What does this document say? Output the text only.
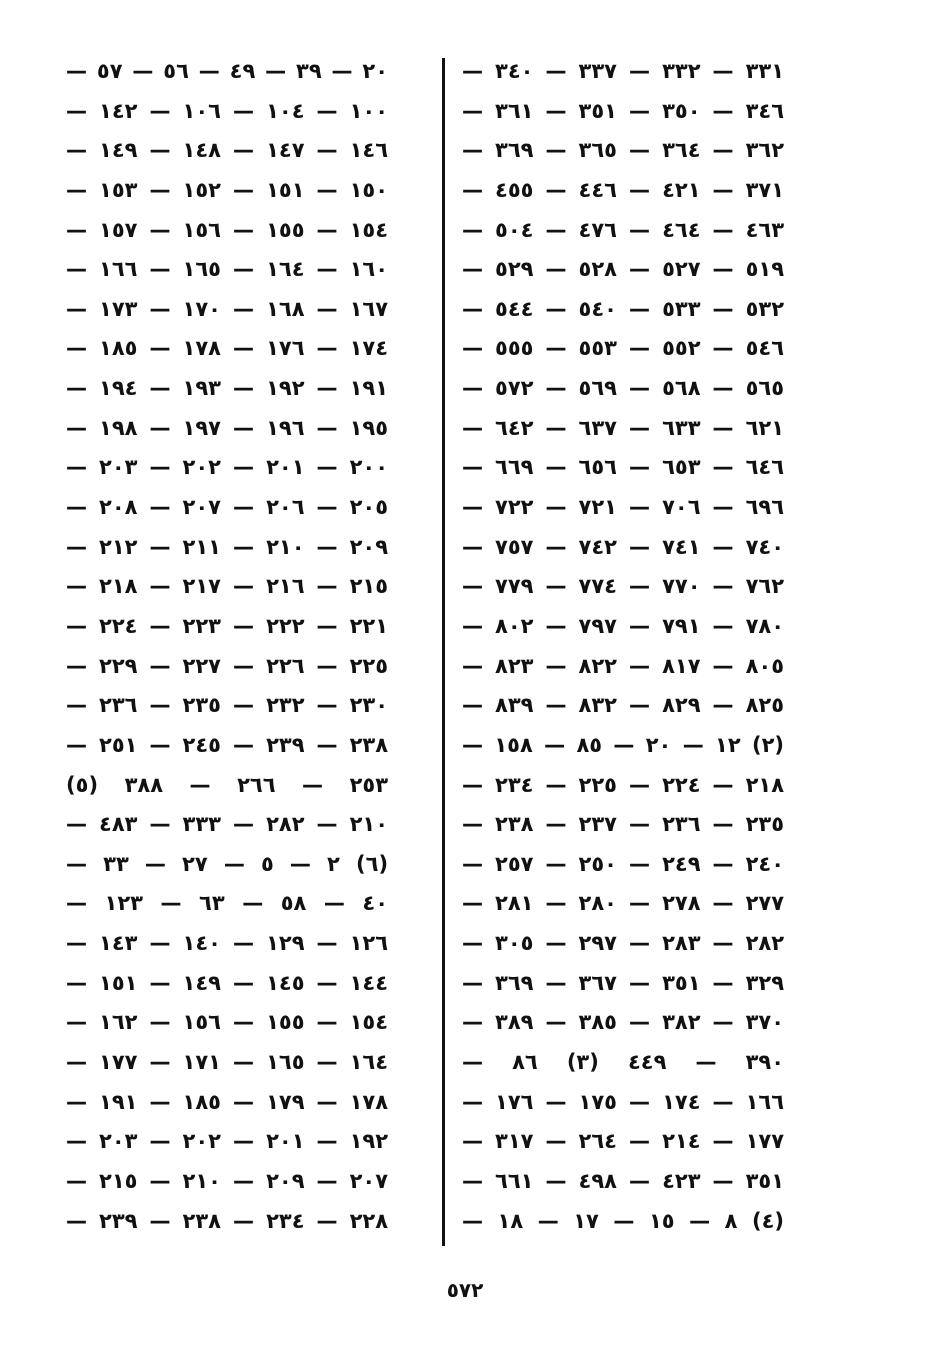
٣٣١ — ٣٣٢ — ٣٣٧ — ٣٤٠ —
٣٤٦ — ٣٥٠ — ٣٥١ — ٣٦١ —
٣٦٢ — ٣٦٤ — ٣٦٥ — ٣٦٩ —
٣٧١ — ٤٢١ — ٤٤٦ — ٤٥٥ —
٤٦٣ — ٤٦٤ — ٤٧٦ — ٥٠٤ —
٥١٩ — ٥٢٧ — ٥٢٨ — ٥٢٩ —
٥٣٢ — ٥٣٣ — ٥٤٠ — ٥٤٤ —
٥٤٦ — ٥٥٢ — ٥٥٣ — ٥٥٥ —
٥٦٥ — ٥٦٨ — ٥٦٩ — ٥٧٢ —
٦٢١ — ٦٣٣ — ٦٣٧ — ٦٤٢ —
٦٤٦ — ٦٥٣ — ٦٥٦ — ٦٦٩ —
٦٩٦ — ٧٠٦ — ٧٢١ — ٧٢٢ —
٧٤٠ — ٧٤١ — ٧٤٢ — ٧٥٧ —
٧٦٢ — ٧٧٠ — ٧٧٤ — ٧٧٩ —
٧٨٠ — ٧٩١ — ٧٩٧ — ٨٠٢ —
٨٠٥ — ٨١٧ — ٨٢٢ — ٨٢٣ —
٨٢٥ — ٨٢٩ — ٨٣٢ — ٨٣٩ —
(٢) ١٢ — ٢٠ — ٨٥ — ١٥٨ —
٢١٨ — ٢٢٤ — ٢٢٥ — ٢٣٤ —
٢٣٥ — ٢٣٦ — ٢٣٧ — ٢٣٨ —
٢٤٠ — ٢٤٩ — ٢٥٠ — ٢٥٧ —
٢٧٧ — ٢٧٨ — ٢٨٠ — ٢٨١ —
٢٨٢ — ٢٨٣ — ٢٩٧ — ٣٠٥ —
٣٢٩ — ٣٥١ — ٣٦٧ — ٣٦٩ —
٣٧٠ — ٣٨٢ — ٣٨٥ — ٣٨٩ —
٣٩٠ — ٤٤٩ (٣) ٨٦ —
١٦٦ — ١٧٤ — ١٧٥ — ١٧٦ —
١٧٧ — ٢١٤ — ٢٦٤ — ٣١٧ —
٣٥١ — ٤٢٣ — ٤٩٨ — ٦٦١ —
(٤) ٨ — ١٥ — ١٧ — ١٨ —
٢٠ — ٣٩ — ٤٩ — ٥٦ — ٥٧ —
١٠٠ — ١٠٤ — ١٠٦ — ١٤٢ —
١٤٦ — ١٤٧ — ١٤٨ — ١٤٩ —
١٥٠ — ١٥١ — ١٥٢ — ١٥٣ —
١٥٤ — ١٥٥ — ١٥٦ — ١٥٧ —
١٦٠ — ١٦٤ — ١٦٥ — ١٦٦ —
١٦٧ — ١٦٨ — ١٧٠ — ١٧٣ —
١٧٤ — ١٧٦ — ١٧٨ — ١٨٥ —
١٩١ — ١٩٢ — ١٩٣ — ١٩٤ —
١٩٥ — ١٩٦ — ١٩٧ — ١٩٨ —
٢٠٠ — ٢٠١ — ٢٠٢ — ٢٠٣ —
٢٠٥ — ٢٠٦ — ٢٠٧ — ٢٠٨ —
٢٠٩ — ٢١٠ — ٢١١ — ٢١٢ —
٢١٥ — ٢١٦ — ٢١٧ — ٢١٨ —
٢٢١ — ٢٢٢ — ٢٢٣ — ٢٢٤ —
٢٢٥ — ٢٢٦ — ٢٢٧ — ٢٢٩ —
٢٣٠ — ٢٣٢ — ٢٣٥ — ٢٣٦ —
٢٣٨ — ٢٣٩ — ٢٤٥ — ٢٥١ —
٢٥٣ — ٢٦٦ — ٣٨٨ (٥)
٢١٠ — ٢٨٢ — ٣٣٣ — ٤٨٣ —
(٦) ٢ — ٥ — ٢٧ — ٣٣ —
٤٠ — ٥٨ — ٦٣ — ١٢٣ —
١٢٦ — ١٢٩ — ١٤٠ — ١٤٣ —
١٤٤ — ١٤٥ — ١٤٩ — ١٥١ —
١٥٤ — ١٥٥ — ١٥٦ — ١٦٢ —
١٦٤ — ١٦٥ — ١٧١ — ١٧٧ —
١٧٨ — ١٧٩ — ١٨٥ — ١٩١ —
١٩٢ — ٢٠١ — ٢٠٢ — ٢٠٣ —
٢٠٧ — ٢٠٩ — ٢١٠ — ٢١٥ —
٢٢٨ — ٢٣٤ — ٢٣٨ — ٢٣٩ —
٥٧٢
